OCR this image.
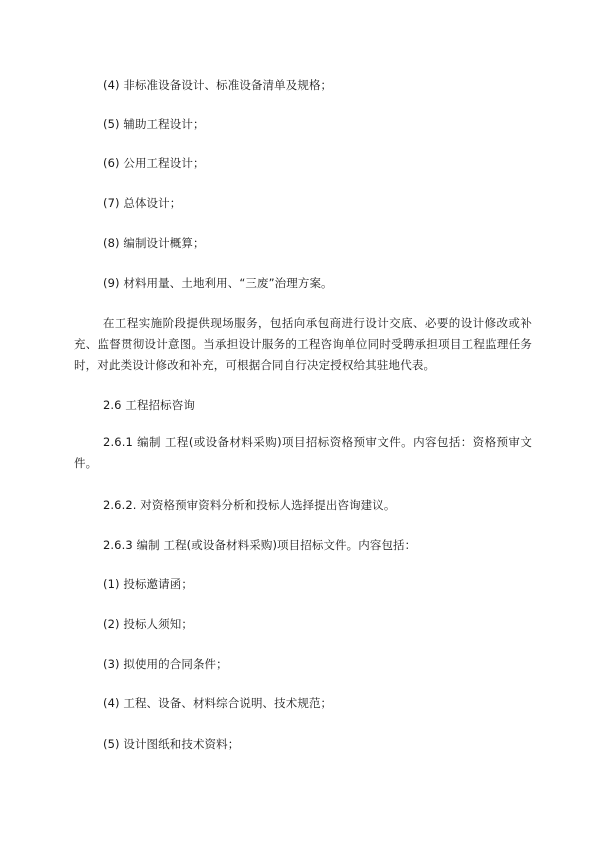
(4) 非标准设备设计、标准设备清单及规格；
(5) 辅助工程设计；
(6) 公用工程设计；
(7) 总体设计；
(8) 编制设计概算；
(9) 材料用量、土地利用、“三废”治理方案。
在工程实施阶段提供现场服务，包括向承包商进行设计交底、必要的设计修改或补充、监督贯彻设计意图。当承担设计服务的工程咨询单位同时受聘承担项目工程监理任务时，对此类设计修改和补充，可根据合同自行决定授权给其驻地代表。
2.6 工程招标咨询
2.6.1 编制 工程(或设备材料采购)项目招标资格预审文件。内容包括：资格预审文件。
2.6.2. 对资格预审资料分析和投标人选择提出咨询建议。
2.6.3 编制 工程(或设备材料采购)项目招标文件。内容包括：
(1) 投标邀请函；
(2) 投标人须知；
(3) 拟使用的合同条件；
(4) 工程、设备、材料综合说明、技术规范；
(5) 设计图纸和技术资料；
